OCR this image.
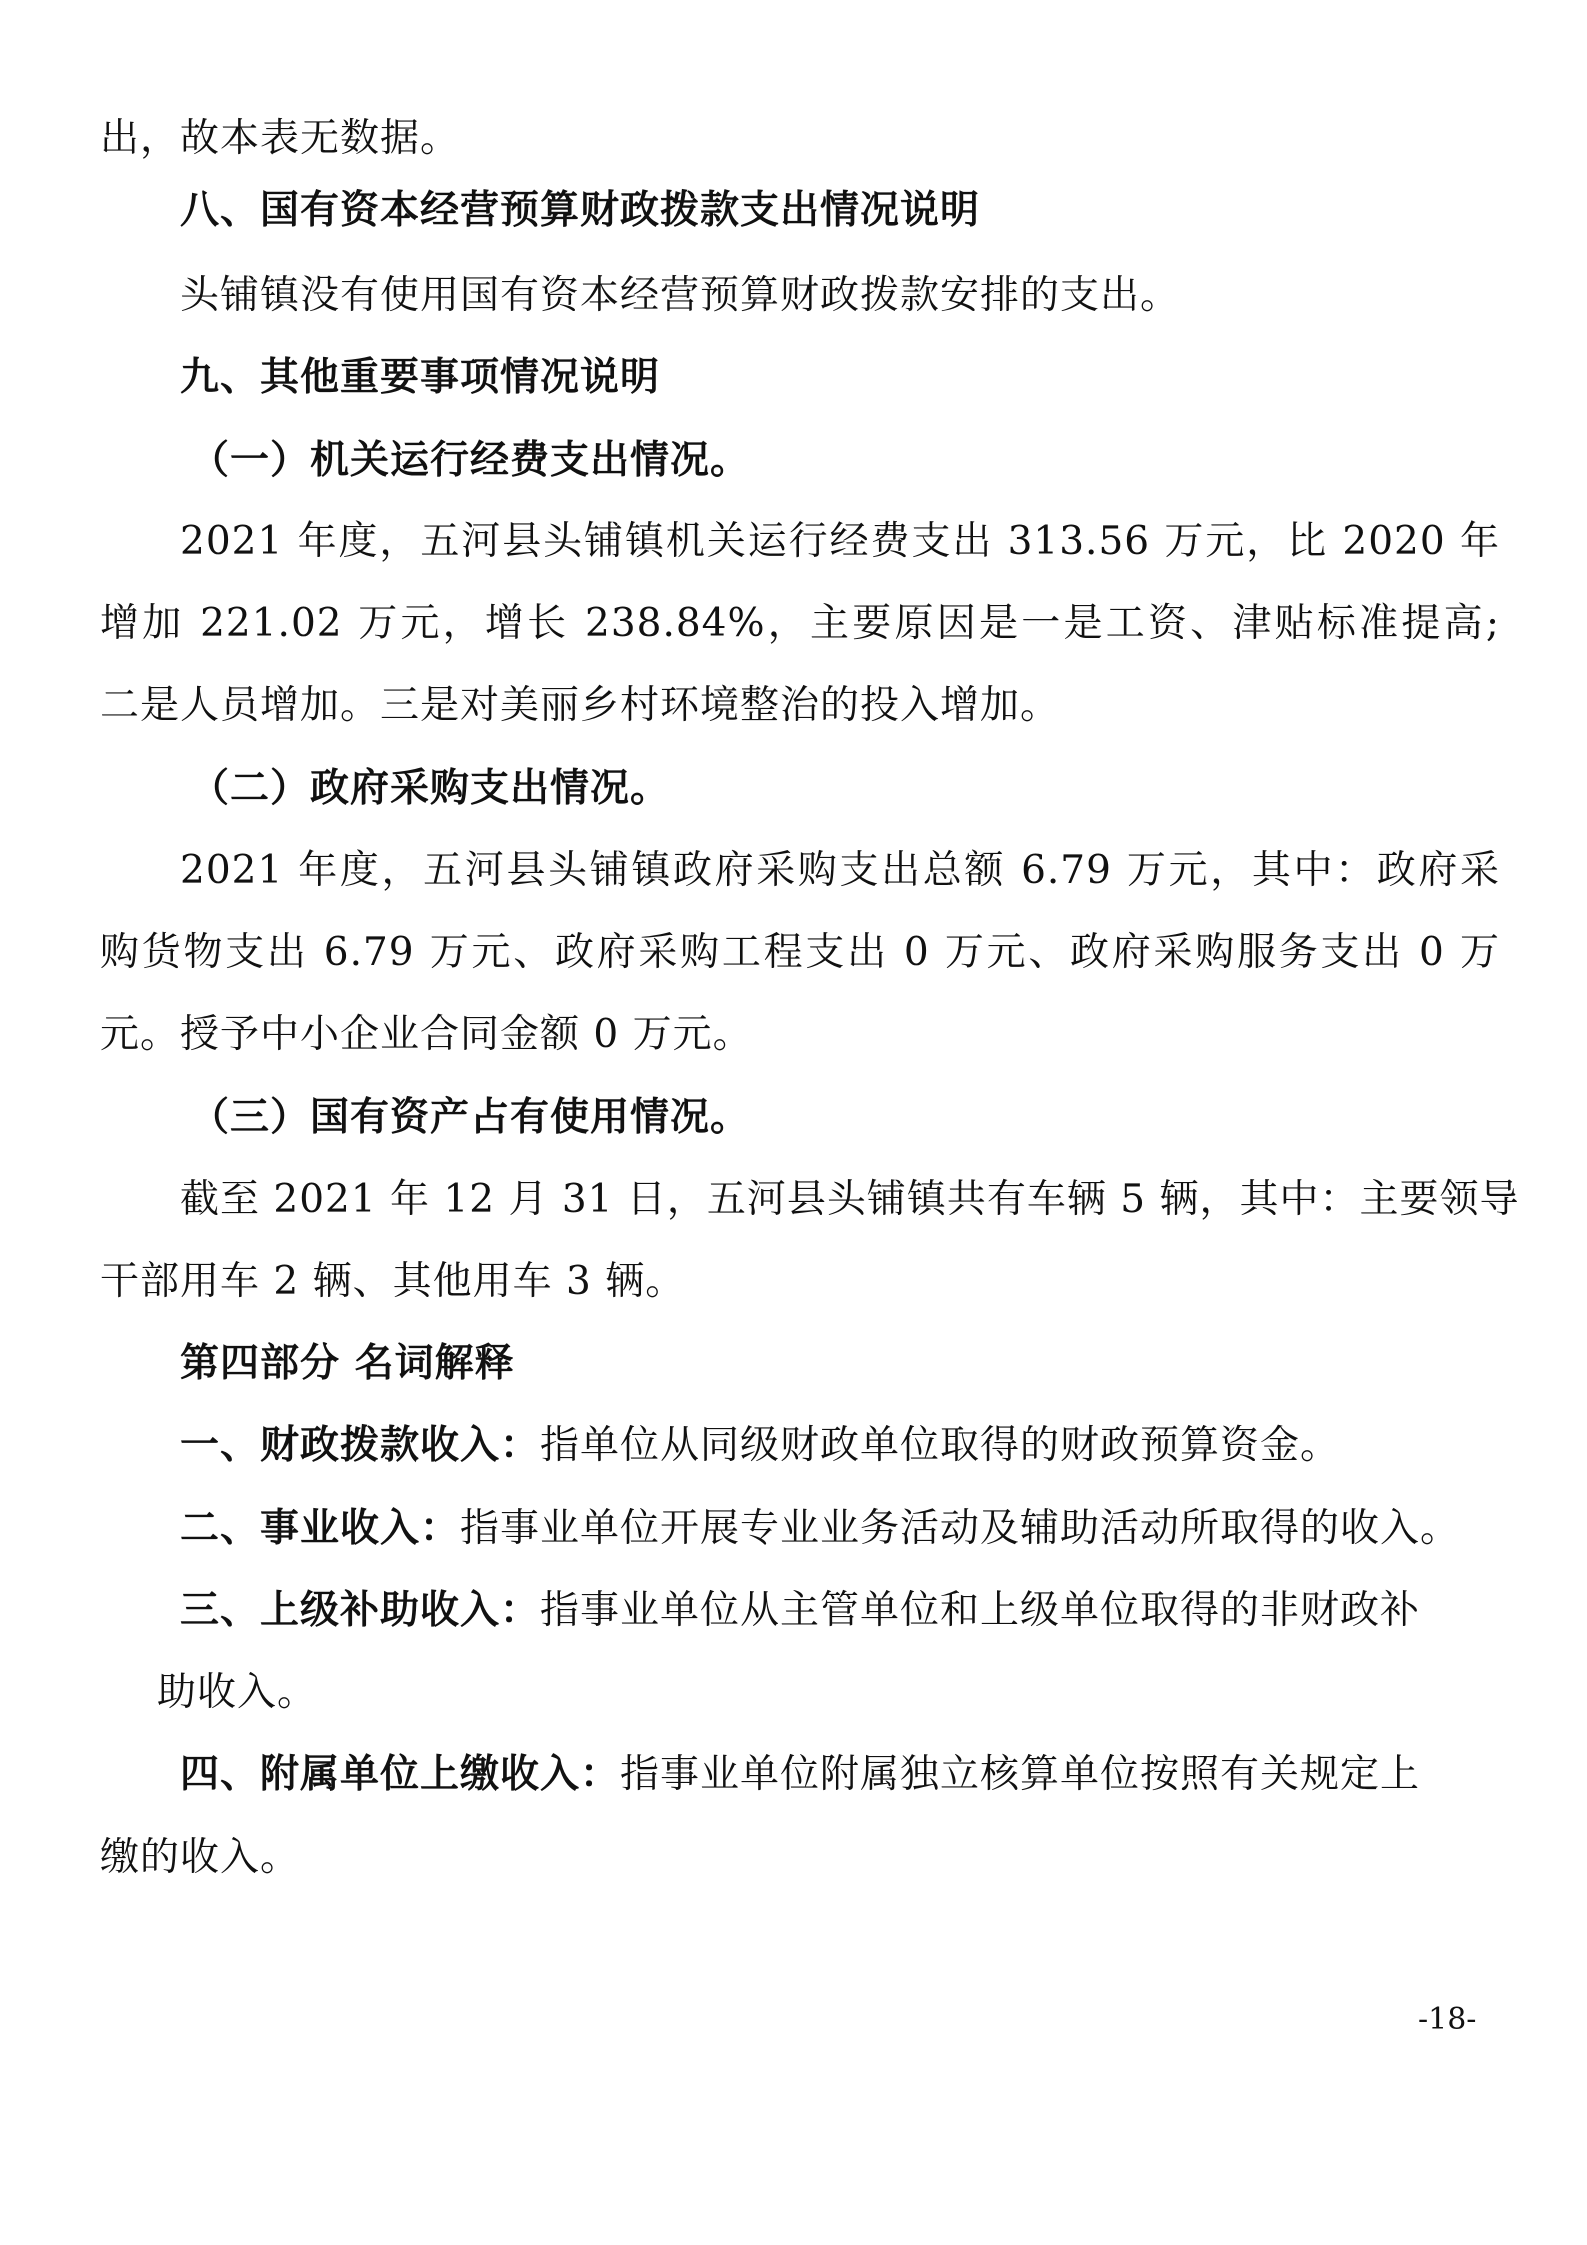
出，故本表无数据。
八、国有资本经营预算财政拨款支出情况说明
头铺镇没有使用国有资本经营预算财政拨款安排的支出。
九、其他重要事项情况说明
（一）机关运行经费支出情况。
2021 年度，五河县头铺镇机关运行经费支出 313.56 万元，比 2020 年
增加 221.02 万元，增长 238.84%，主要原因是一是工资、津贴标准提高;
二是人员增加。三是对美丽乡村环境整治的投入增加。
（二）政府采购支出情况。
2021 年度，五河县头铺镇政府采购支出总额 6.79 万元，其中：政府采
购货物支出 6.79 万元、政府采购工程支出 0 万元、政府采购服务支出 0 万
元。授予中小企业合同金额 0 万元。
（三）国有资产占有使用情况。
截至 2021 年 12 月 31 日，五河县头铺镇共有车辆 5 辆，其中：主要领导
干部用车 2 辆、其他用车 3 辆。
第四部分 名词解释
一、财政拨款收入：指单位从同级财政单位取得的财政预算资金。
二、事业收入：指事业单位开展专业业务活动及辅助活动所取得的收入。
三、上级补助收入：指事业单位从主管单位和上级单位取得的非财政补
助收入。
四、附属单位上缴收入：指事业单位附属独立核算单位按照有关规定上
缴的收入。
-18-
